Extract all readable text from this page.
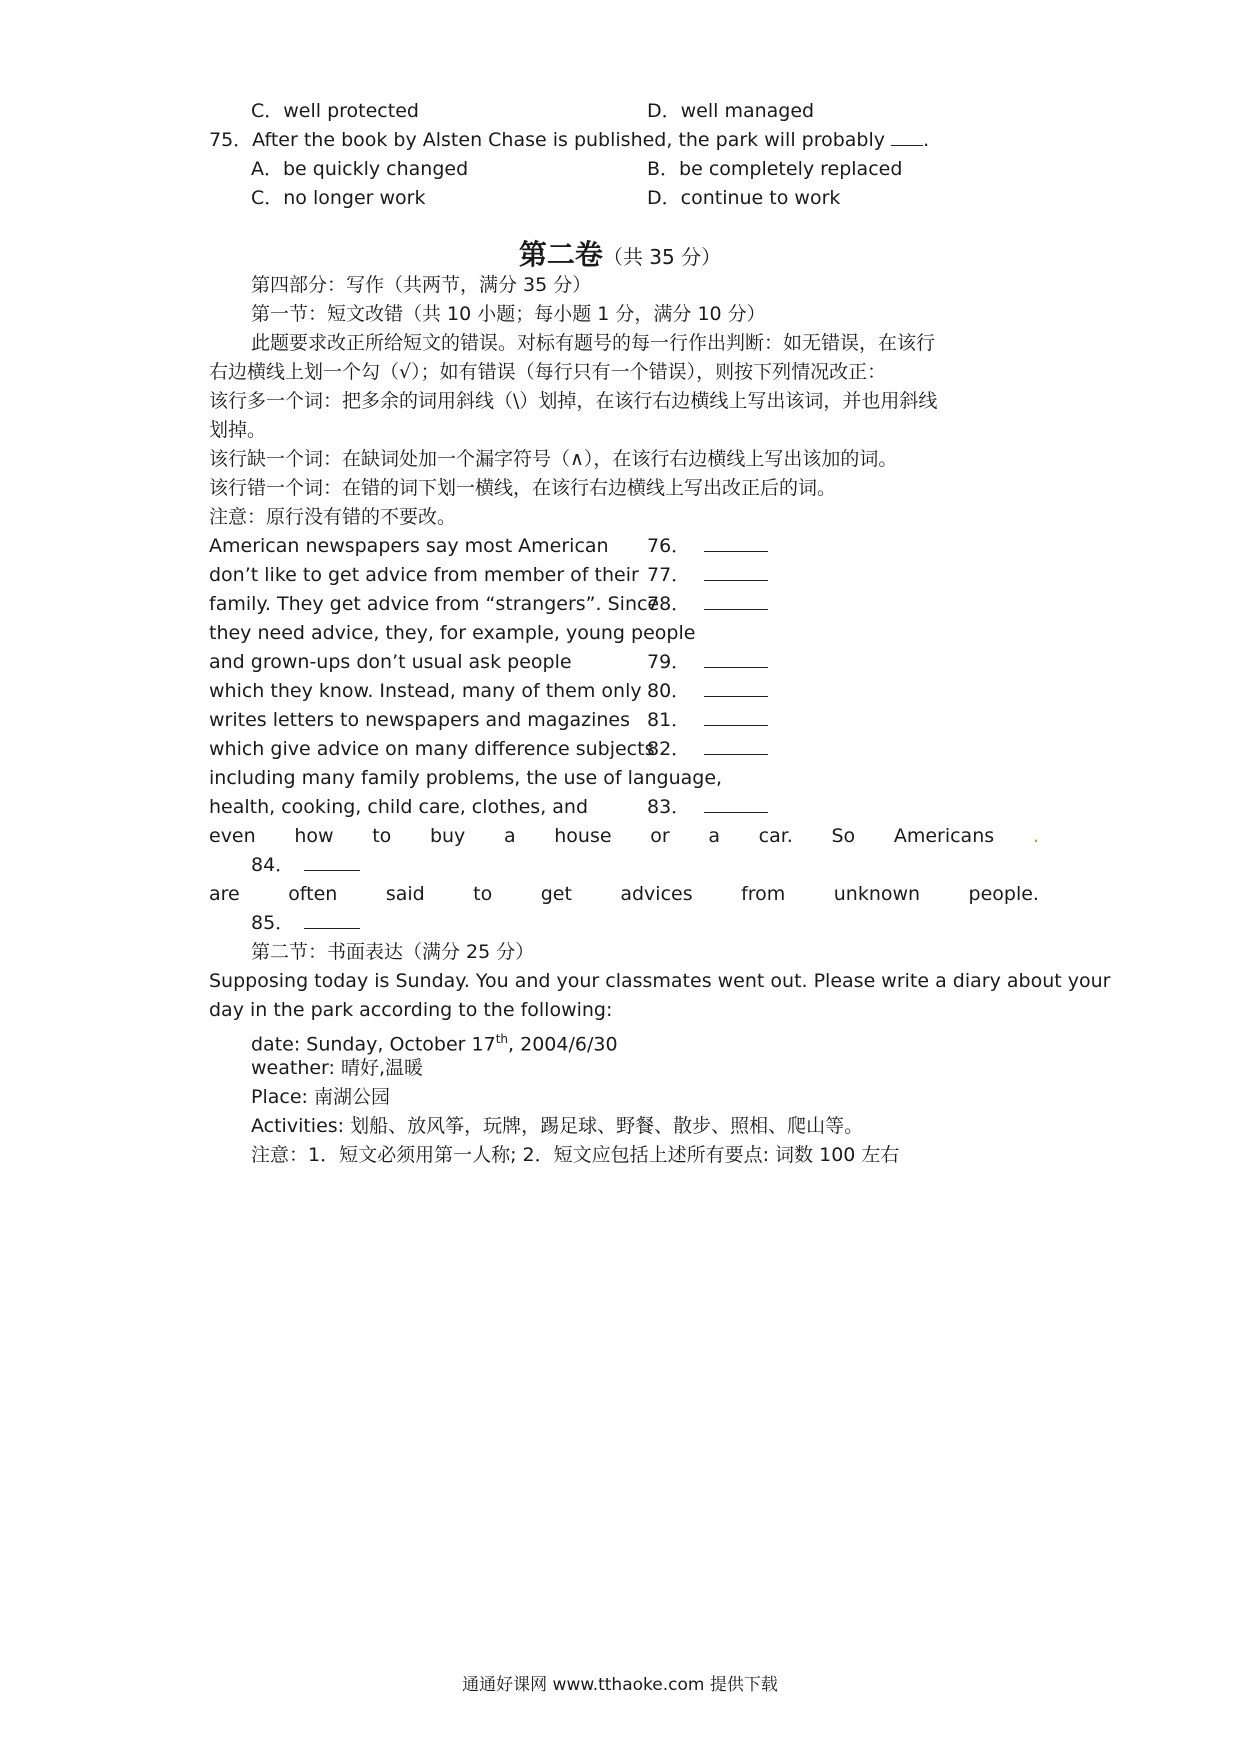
C．well protected	D．well managed
75．After the book by Alsten Chase is published, the park will probably .
A．be quickly changed	B．be completely replaced
C．no longer work	D．continue to work
第二卷（共 35 分）
第四部分：写作（共两节，满分 35 分）
第一节：短文改错（共 10 小题；每小题 1 分，满分 10 分）
此题要求改正所给短文的错误。对标有题号的每一行作出判断：如无错误，在该行
右边横线上划一个勾（√）；如有错误（每行只有一个错误），则按下列情况改正：
该行多一个词：把多余的词用斜线（\）划掉，在该行右边横线上写出该词，并也用斜线
划掉。
该行缺一个词：在缺词处加一个漏字符号（∧），在该行右边横线上写出该加的词。
该行错一个词：在错的词下划一横线，在该行右边横线上写出改正后的词。
注意：原行没有错的不要改。
American newspapers say most American 76．
don’t like to get advice from member of their 77．
family. They get advice from “strangers”. Since
78．
they need advice, they, for example, young people
and grown-ups don’t usual ask people	79．
which they know. Instead, many of them only 80．
writes letters to newspapers and magazines 81．
which give advice on many difference subjects
82．
including many family problems, the use of language,
health, cooking, child care, clothes, and	83．
even how to buy a house or a car. So Americans .
84．
are	often	said	to	get	advices	from	unknown	people.
85．
第二节：书面表达（满分 25 分）
Supposing today is Sunday. You and your classmates went out. Please write a diary about your
day in the park according to the following:
date: Sunday, October 17th, 2004/6/30
weather: 晴好,温暖
Place: 南湖公园
Activities: 划船、放风筝，玩牌，踢足球、野餐、散步、照相、爬山等。
注意：1．短文必须用第一人称; 2．短文应包括上述所有要点: 词数 100 左右
通通好课网 www.tthaoke.com 提供下载
